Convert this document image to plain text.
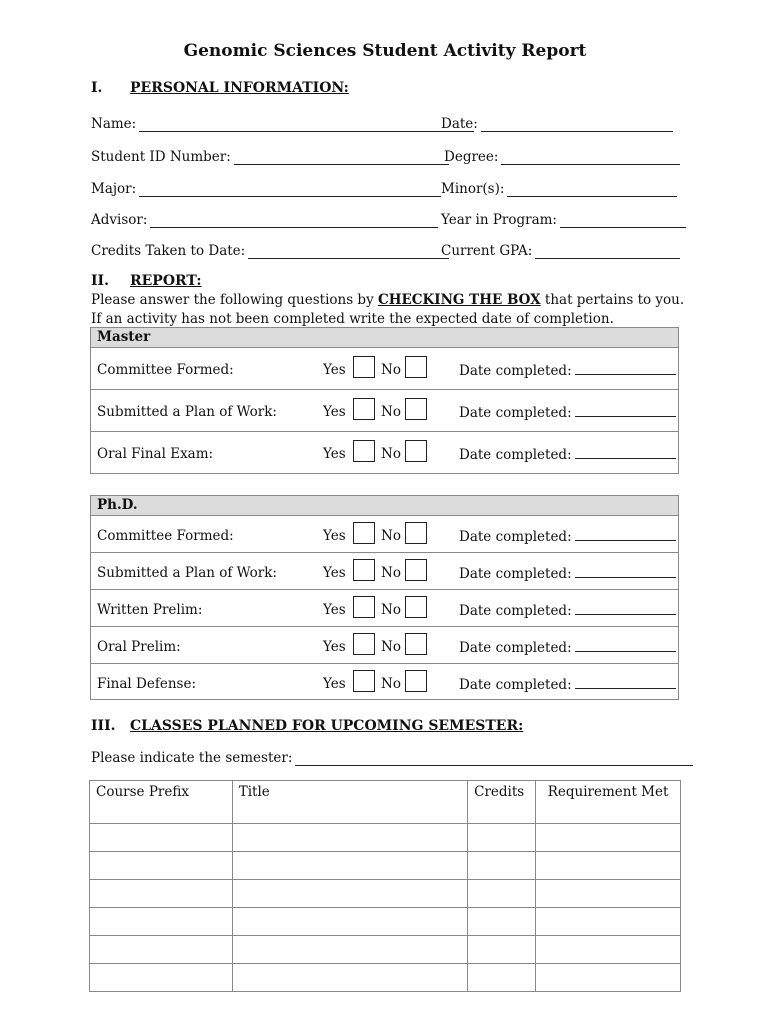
Genomic Sciences Student Activity Report
I. PERSONAL INFORMATION:
Name:	Date:
Student ID Number:	Degree:
Major:	Minor(s):
Advisor:	Year in Program:
Credits Taken to Date:	Current GPA:
II. REPORT:
Please answer the following questions by CHECKING THE BOX that pertains to you. If an activity has not been completed write the expected date of completion.
Master
Committee Formed:	Yes	No	Date completed:
Submitted a Plan of Work:	Yes	No	Date completed:
Oral Final Exam:	Yes	No	Date completed:
Ph.D.
Committee Formed:	Yes	No	Date completed:
Submitted a Plan of Work:	Yes	No	Date completed:
Written Prelim:	Yes	No	Date completed:
Oral Prelim:	Yes	No	Date completed:
Final Defense:	Yes	No	Date completed:
III. CLASSES PLANNED FOR UPCOMING SEMESTER:
Please indicate the semester:
Course Prefix	Title	Credits	Requirement Met
